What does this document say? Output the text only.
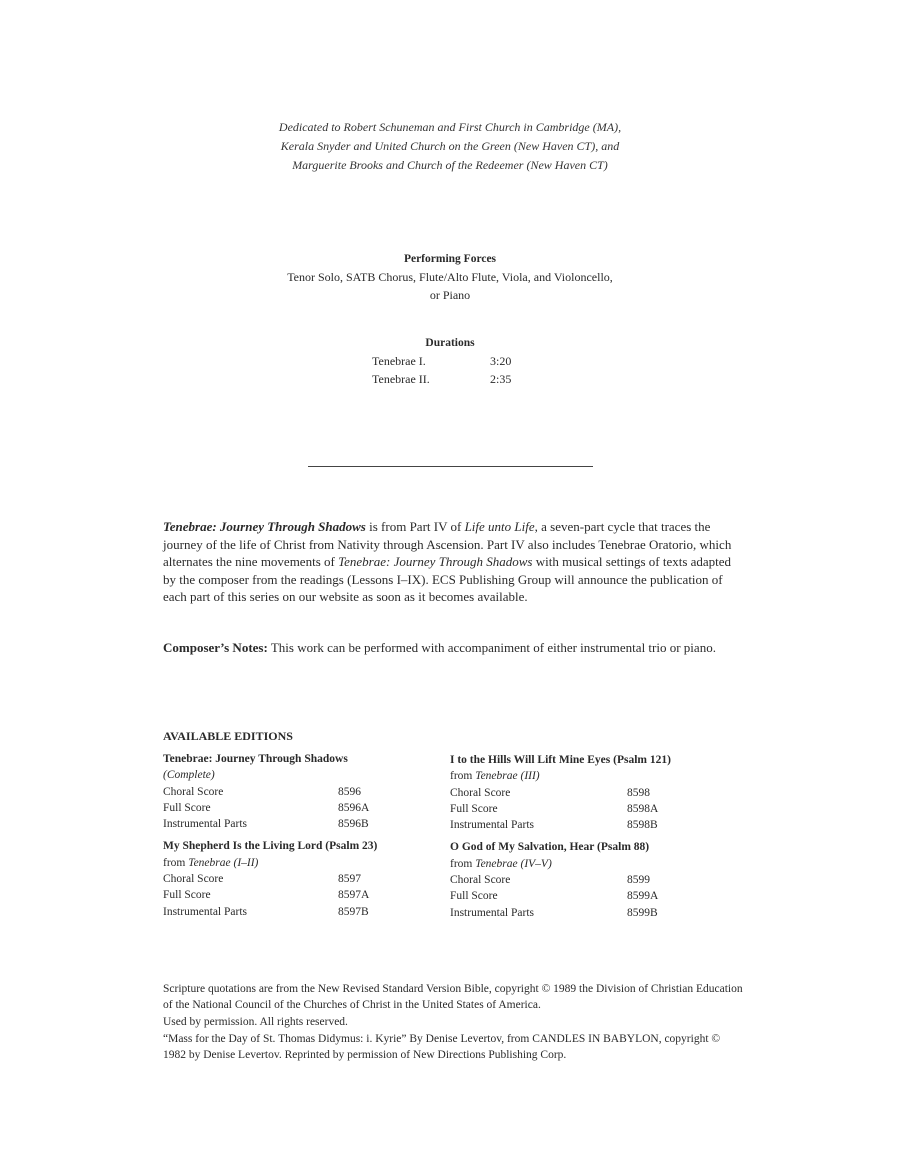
Dedicated to Robert Schuneman and First Church in Cambridge (MA),
Kerala Snyder and United Church on the Green (New Haven CT), and
Marguerite Brooks and Church of the Redeemer (New Haven CT)
Performing Forces
Tenor Solo, SATB Chorus, Flute/Alto Flute, Viola, and Violoncello,
or Piano
Durations
Tenebrae I.	3:20
Tenebrae II.	2:35
Tenebrae: Journey Through Shadows is from Part IV of Life unto Life, a seven-part cycle that traces the journey of the life of Christ from Nativity through Ascension. Part IV also includes Tenebrae Oratorio, which alternates the nine movements of Tenebrae: Journey Through Shadows with musical settings of texts adapted by the composer from the readings (Lessons I–IX). ECS Publishing Group will announce the publication of each part of this series on our website as soon as it becomes available.
Composer’s Notes: This work can be performed with accompaniment of either instrumental trio or piano.
AVAILABLE EDITIONS
Tenebrae: Journey Through Shadows
(Complete)
Choral Score	8596
Full Score	8596A
Instrumental Parts	8596B
My Shepherd Is the Living Lord (Psalm 23)
from Tenebrae (I–II)
Choral Score	8597
Full Score	8597A
Instrumental Parts	8597B
I to the Hills Will Lift Mine Eyes (Psalm 121)
from Tenebrae (III)
Choral Score	8598
Full Score	8598A
Instrumental Parts	8598B
O God of My Salvation, Hear (Psalm 88)
from Tenebrae (IV–V)
Choral Score	8599
Full Score	8599A
Instrumental Parts	8599B
Scripture quotations are from the New Revised Standard Version Bible, copyright © 1989 the Division of Christian Education of the National Council of the Churches of Christ in the United States of America.
Used by permission. All rights reserved.
“Mass for the Day of St. Thomas Didymus: i. Kyrie” By Denise Levertov, from CANDLES IN BABYLON, copyright © 1982 by Denise Levertov. Reprinted by permission of New Directions Publishing Corp.
